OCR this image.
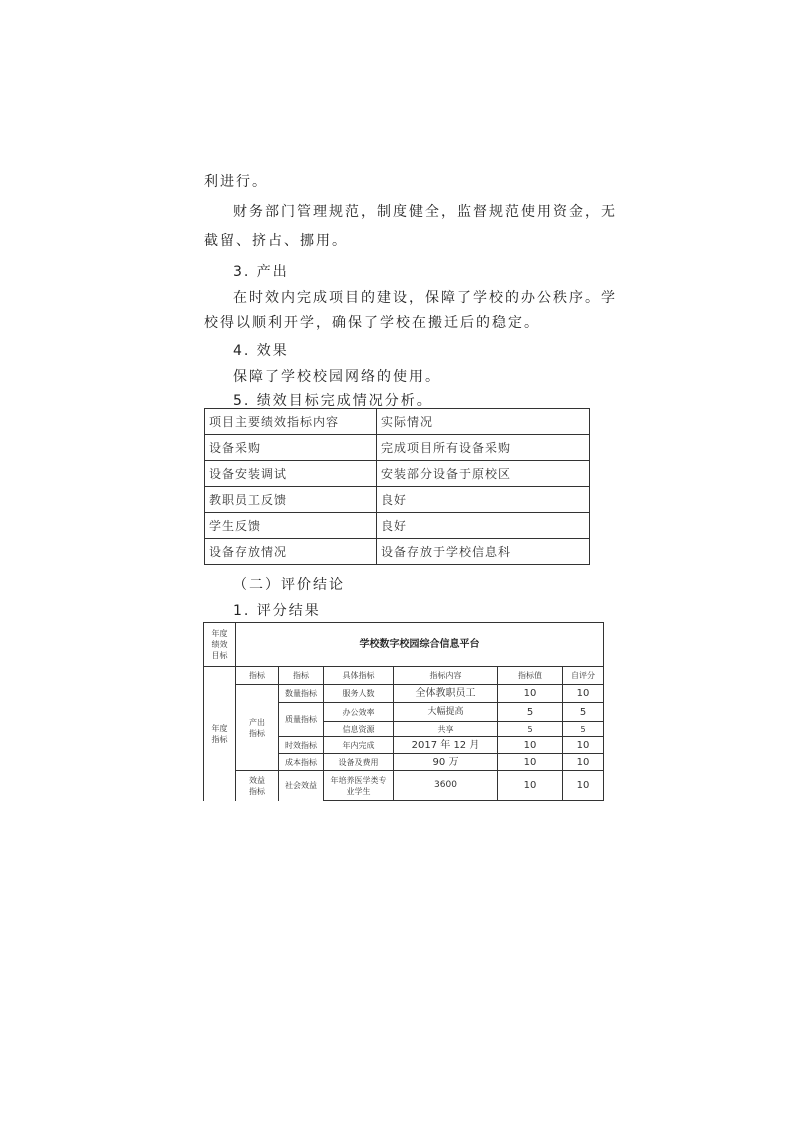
利进行。
财务部门管理规范，制度健全，监督规范使用资金，无
截留、挤占、挪用。
3. 产出
在时效内完成项目的建设，保障了学校的办公秩序。学
校得以顺利开学，确保了学校在搬迁后的稳定。
4. 效果
保障了学校校园网络的使用。
5. 绩效目标完成情况分析。
项目主要绩效指标内容	实际情况
设备采购	完成项目所有设备采购
设备安装调试	安装部分设备于原校区
教职员工反馈	良好
学生反馈	良好
设备存放情况	设备存放于学校信息科
（二）评价结论
1. 评分结果
年度绩效目标	学校数字校园综合信息平台					

年度指标	指标	指标	具体指标	指标内容	指标值	自评分

	产出指标	数量指标	服务人数	全体教职员工	10	10
		质量指标	办公效率	大幅提高	5	5
			信息资源	共享	5	5
		时效指标	年内完成	2017 年 12 月	10	10
		成本指标	设备及费用	90 万	10	10

	效益指标	社会效益	年培养医学类专业学生	3600	10	10
